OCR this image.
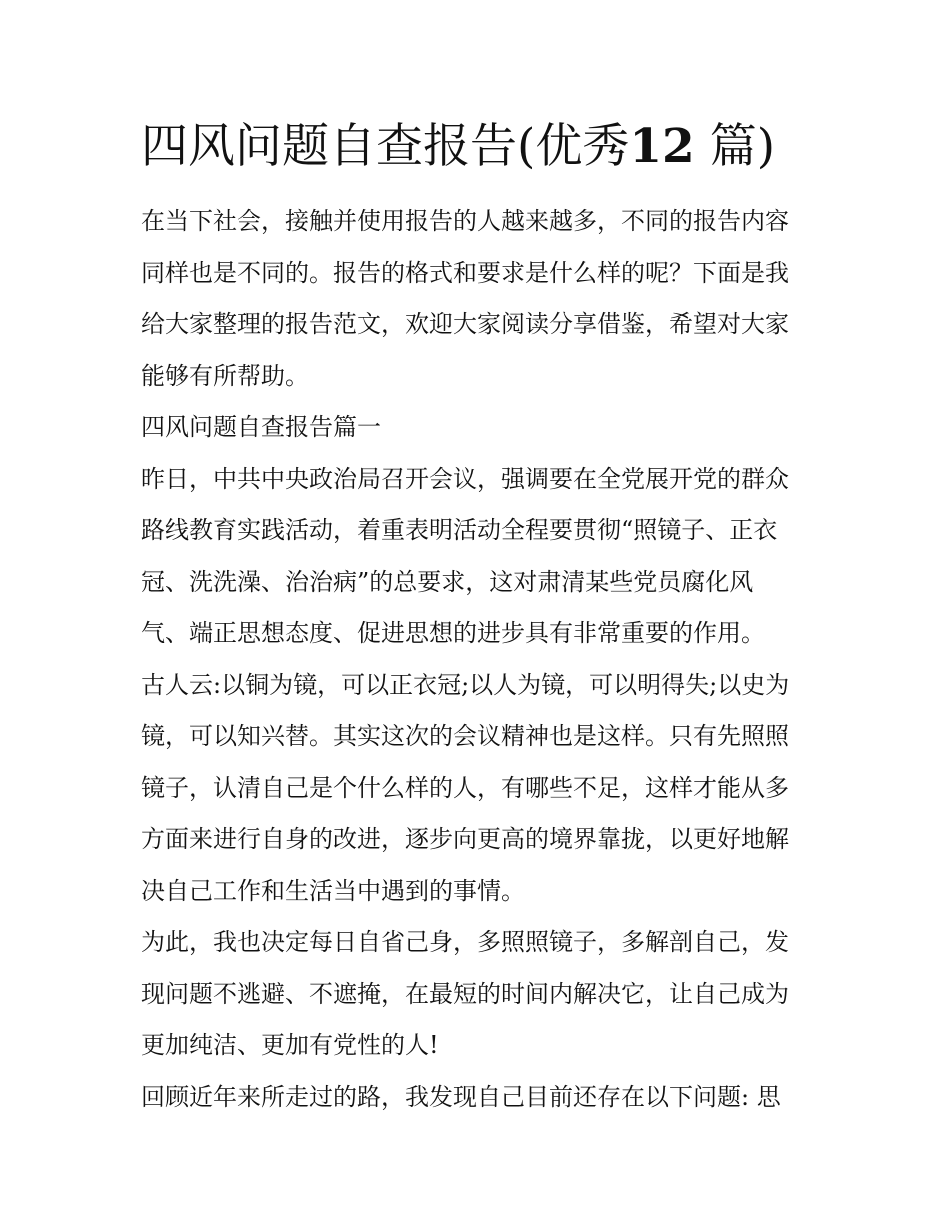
四风问题自查报告(优秀12 篇)

在当下社会，接触并使用报告的人越来越多，不同的报告内容

同样也是不同的。报告的格式和要求是什么样的呢？下面是我

给大家整理的报告范文，欢迎大家阅读分享借鉴，希望对大家

能够有所帮助。

四风问题自查报告篇一

昨日，中共中央政治局召开会议，强调要在全党展开党的群众

路线教育实践活动，着重表明活动全程要贯彻“照镜子、正衣

冠、洗洗澡、治治病”的总要求，这对肃清某些党员腐化风

气、端正思想态度、促进思想的进步具有非常重要的作用。

古人云:以铜为镜，可以正衣冠;以人为镜，可以明得失;以史为

镜，可以知兴替。其实这次的会议精神也是这样。只有先照照

镜子，认清自己是个什么样的人，有哪些不足，这样才能从多

方面来进行自身的改进，逐步向更高的境界靠拢，以更好地解

决自己工作和生活当中遇到的事情。

为此，我也决定每日自省己身，多照照镜子，多解剖自己，发

现问题不逃避、不遮掩，在最短的时间内解决它，让自己成为

更加纯洁、更加有党性的人!

回顾近年来所走过的路，我发现自己目前还存在以下问题: 思
